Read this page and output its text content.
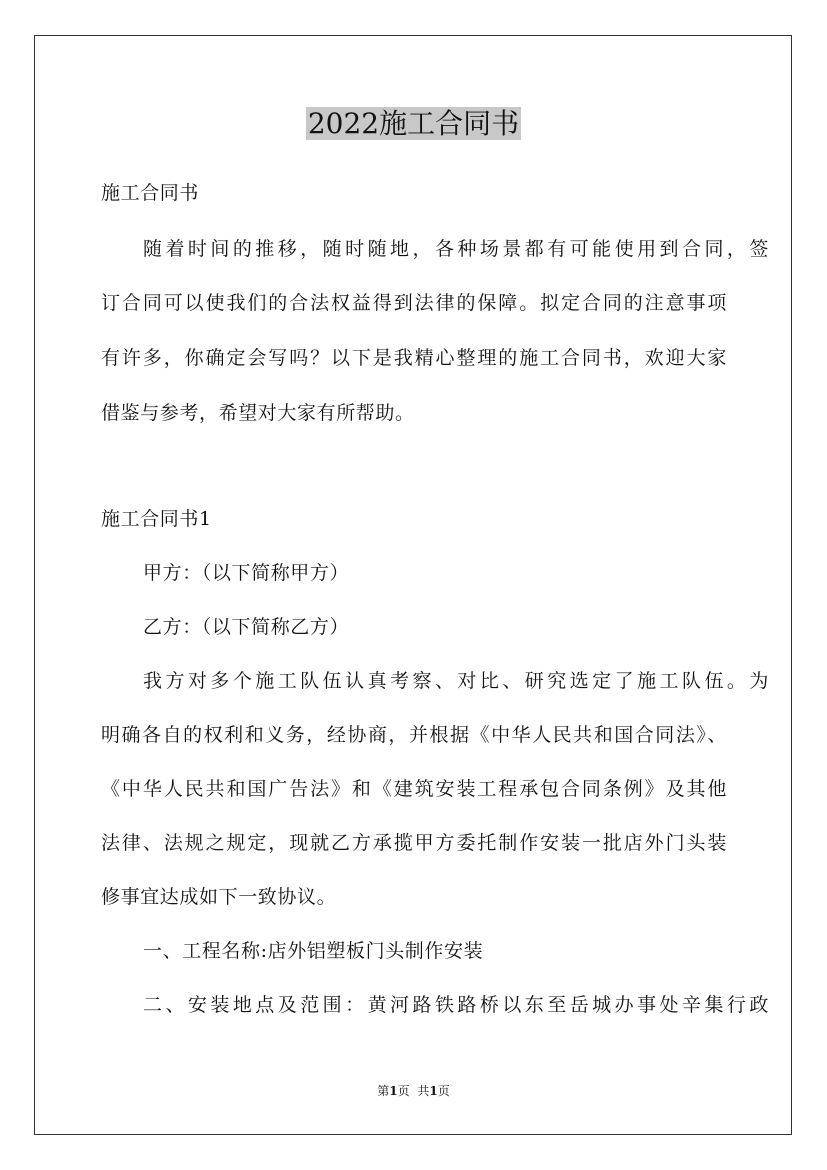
2022施工合同书

施工合同书

随着时间的推移，随时随地，各种场景都有可能使用到合同，签

订合同可以使我们的合法权益得到法律的保障。拟定合同的注意事项

有许多，你确定会写吗？以下是我精心整理的施工合同书，欢迎大家

借鉴与参考，希望对大家有所帮助。

施工合同书1

甲方：（以下简称甲方）

乙方：（以下简称乙方）

我方对多个施工队伍认真考察、对比、研究选定了施工队伍。为

明确各自的权利和义务，经协商，并根据《中华人民共和国合同法》、

《中华人民共和国广告法》和《建筑安装工程承包合同条例》及其他

法律、法规之规定，现就乙方承揽甲方委托制作安装一批店外门头装

修事宜达成如下一致协议。

一、工程名称:店外铝塑板门头制作安装

二、安装地点及范围：黄河路铁路桥以东至岳城办事处辛集行政

第1页 共1页
